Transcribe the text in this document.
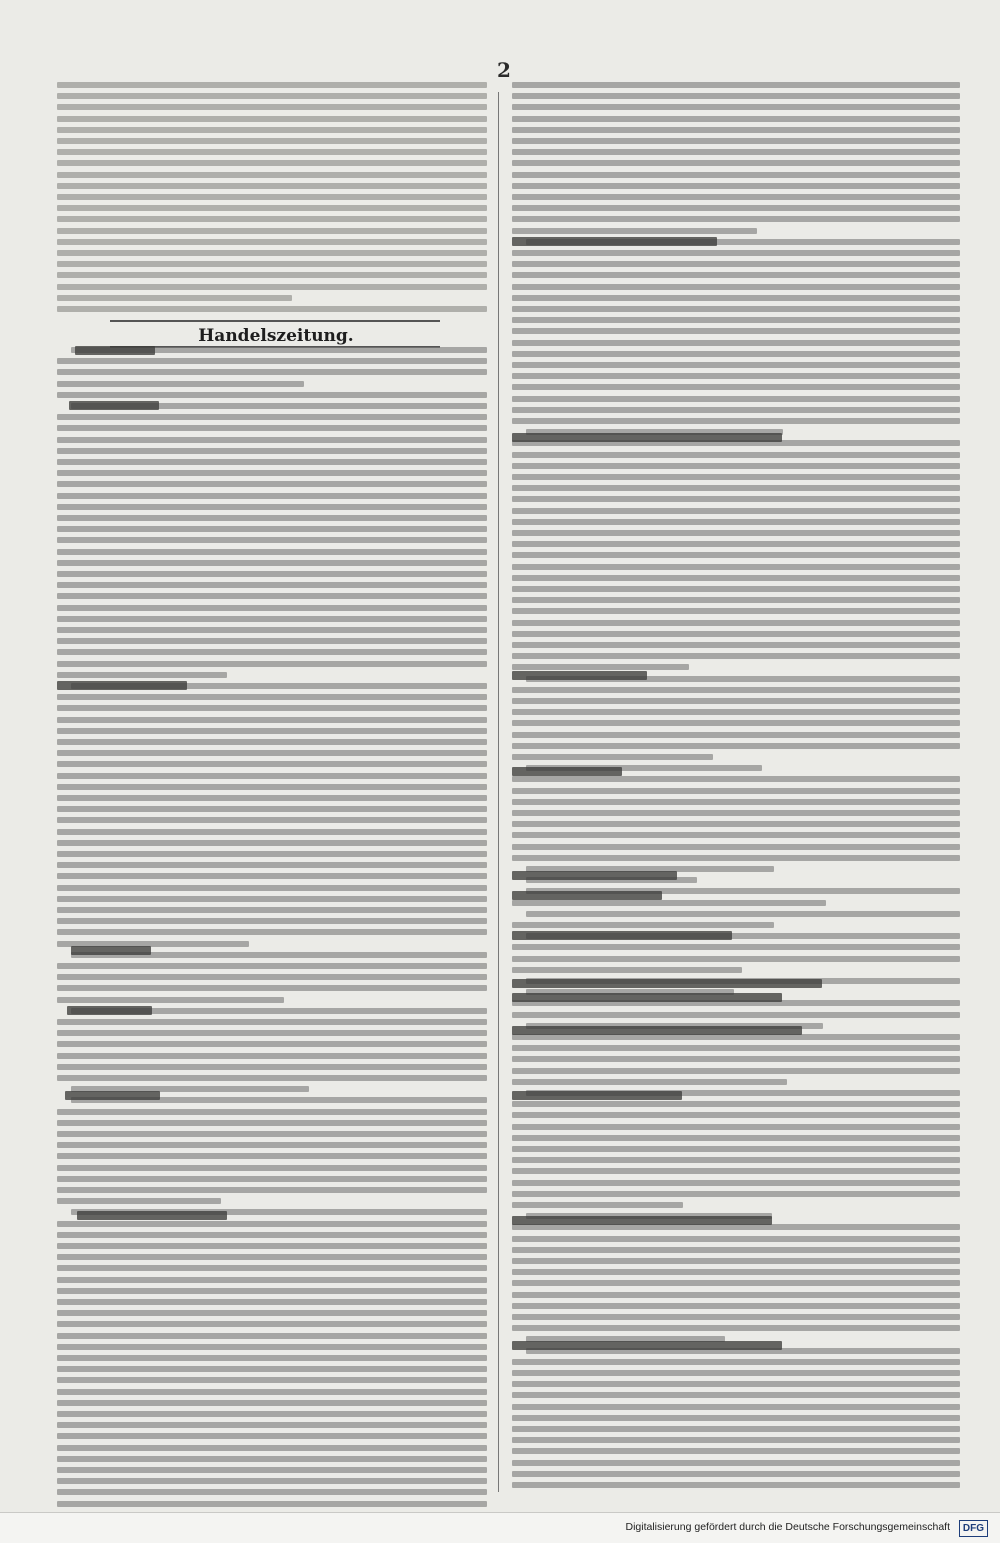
2
Handelszeitung.
Digitalisierung gefördert durch die Deutsche Forschungsgemeinschaft	DFG
